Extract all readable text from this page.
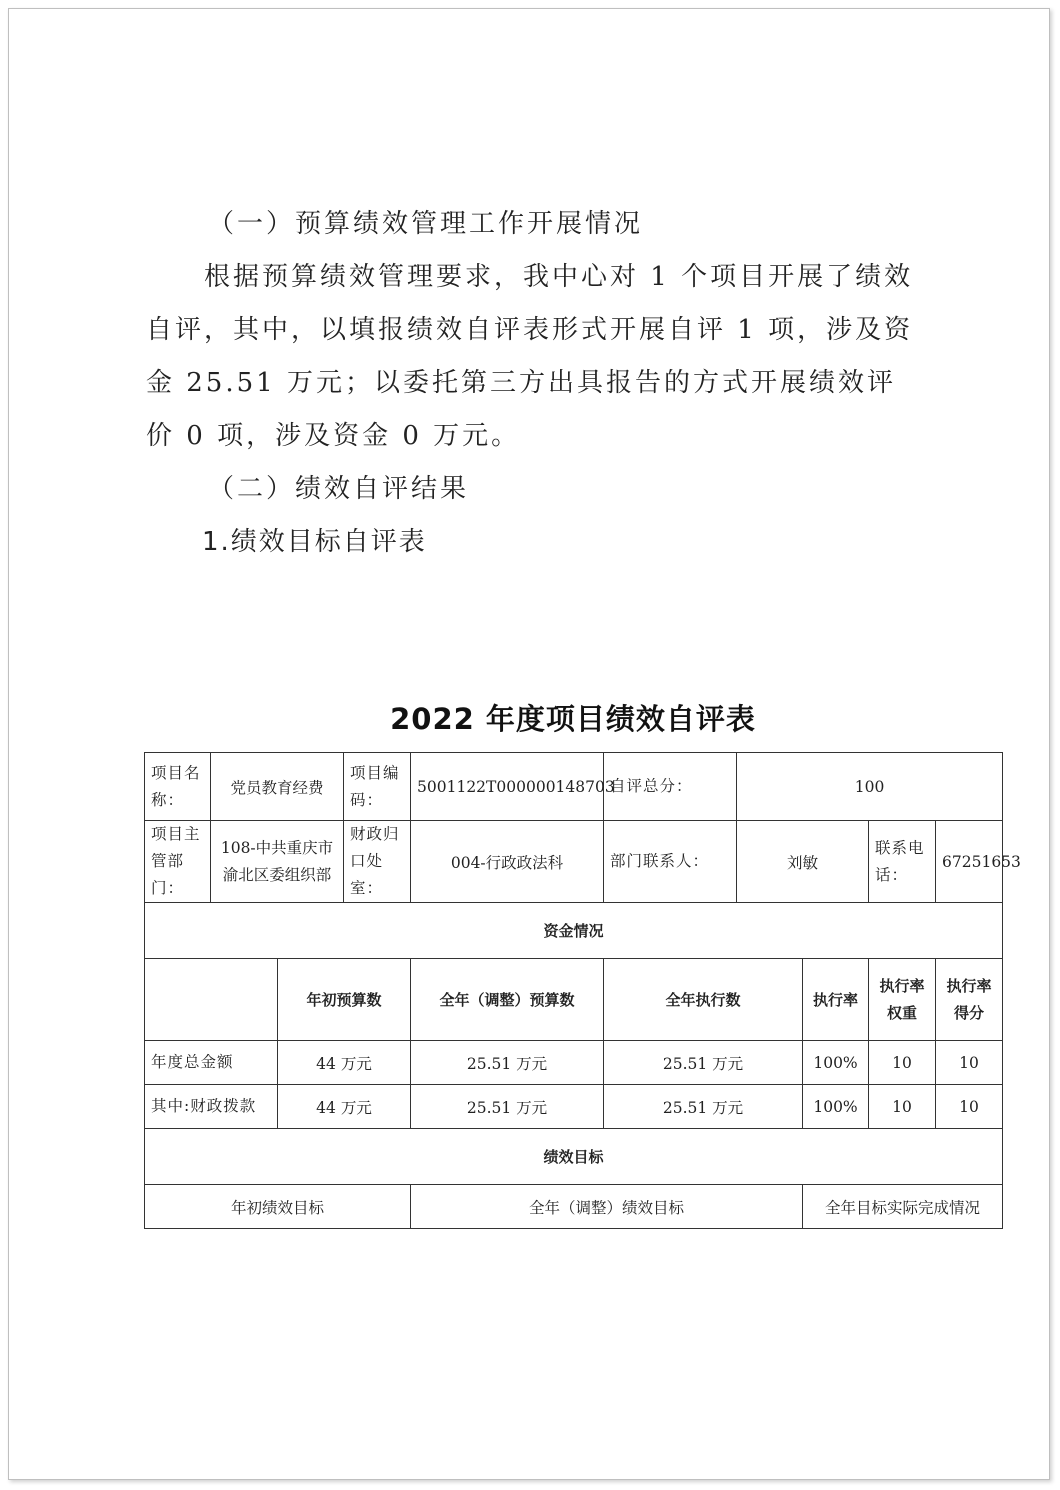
（一）预算绩效管理工作开展情况

根据预算绩效管理要求，我中心对 1 个项目开展了绩效自评，其中，以填报绩效自评表形式开展自评 1 项，涉及资金 25.51 万元；以委托第三方出具报告的方式开展绩效评价 0 项，涉及资金 0 万元。

（二）绩效自评结果

1.绩效目标自评表

2022 年度项目绩效自评表
项目名称：	党员教育经费		项目编码：	5001122T000000148703	自评总分：	100			
项目主管部门：	108-中共重庆市渝北区委组织部		财政归口处室：	004-行政政法科	部门联系人：	刘敏		联系电话：	67251653
资金情况									
		年初预算数		全年（调整）预算数	全年执行数		执行率	执行率权重	执行率得分
年度总金额		44 万元		25.51 万元	25.51 万元		100%	10	10
其中:财政拨款		44 万元		25.51 万元	25.51 万元		100%	10	10
绩效目标									
年初绩效目标				全年（调整）绩效目标			全年目标实际完成情况		
